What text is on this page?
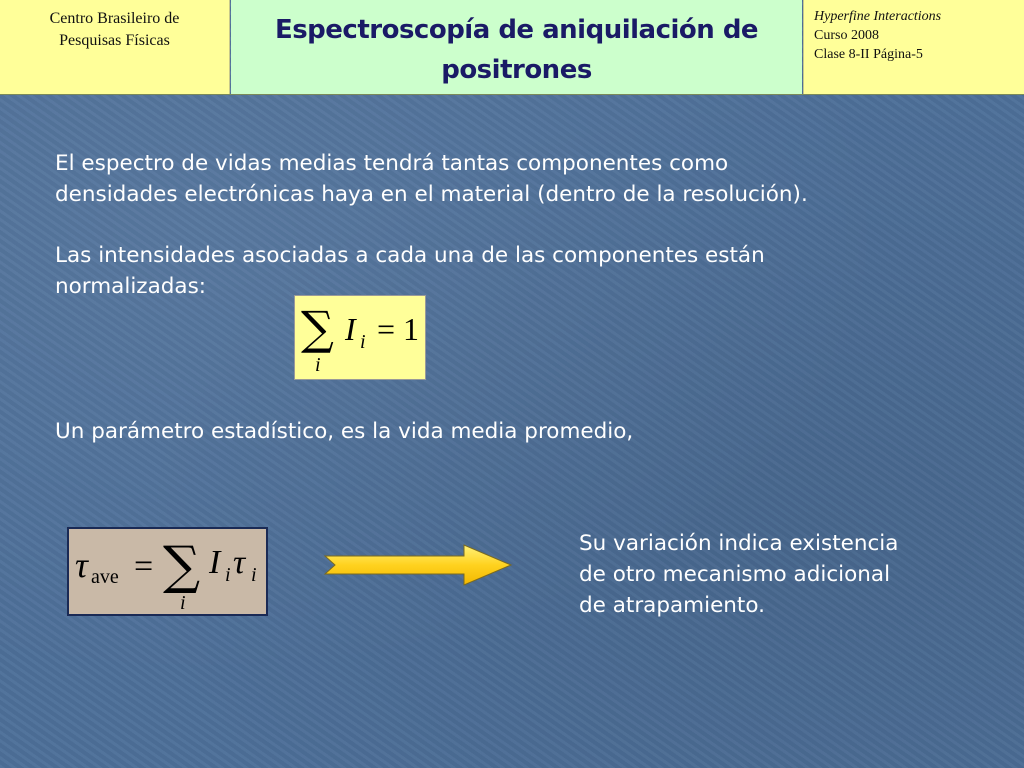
Centro Brasileiro de
Pesquisas Físicas	Espectroscopía de aniquilación de
positrones
Hyperfine Interactions
Curso 2008
Clase 8-II Página-5
El espectro de vidas medias tendrá tantas componentes como
densidades electrónicas haya en el material (dentro de la resolución).
Las intensidades asociadas a cada una de las componentes están
normalizadas:
∑
i
I i = 1
Un parámetro estadístico, es la vida media promedio,
τ ave = ∑
i
I i τ i
Su variación indica existencia
de otro mecanismo adicional
de atrapamiento.
